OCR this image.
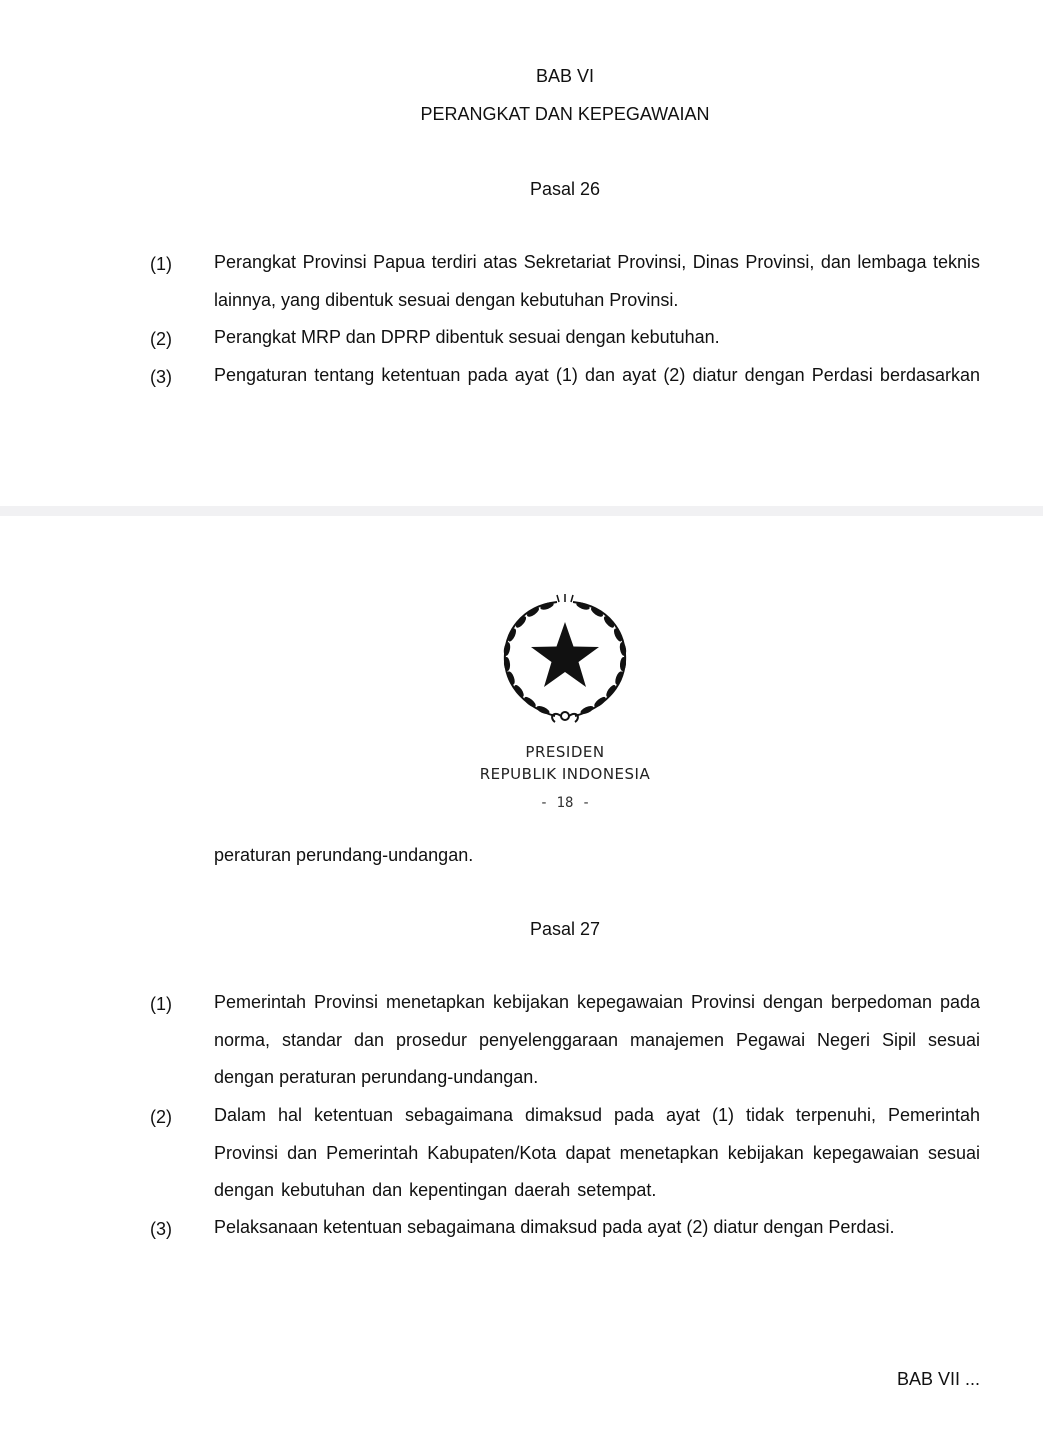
BAB VI
PERANGKAT DAN KEPEGAWAIAN
Pasal 26
(1)	Perangkat Provinsi Papua terdiri atas Sekretariat Provinsi, Dinas Provinsi, dan lembaga teknis lainnya, yang dibentuk sesuai dengan kebutuhan Provinsi.
(2)	Perangkat MRP dan DPRP dibentuk sesuai dengan kebutuhan.
(3)	Pengaturan tentang ketentuan pada ayat (1) dan ayat (2) diatur dengan Perdasi berdasarkan
PRESIDEN
REPUBLIK INDONESIA
- 18 -
peraturan perundang-undangan.
Pasal 27
(1)	Pemerintah Provinsi menetapkan kebijakan kepegawaian Provinsi dengan berpedoman pada norma, standar dan prosedur penyelenggaraan manajemen Pegawai Negeri Sipil sesuai dengan peraturan perundang-undangan.
(2)	Dalam hal ketentuan sebagaimana dimaksud pada ayat (1) tidak terpenuhi, Pemerintah Provinsi dan Pemerintah Kabupaten/Kota dapat menetapkan kebijakan kepegawaian sesuai dengan kebutuhan dan kepentingan daerah setempat.
(3)	Pelaksanaan ketentuan sebagaimana dimaksud pada ayat (2) diatur dengan Perdasi.
BAB VII ...
